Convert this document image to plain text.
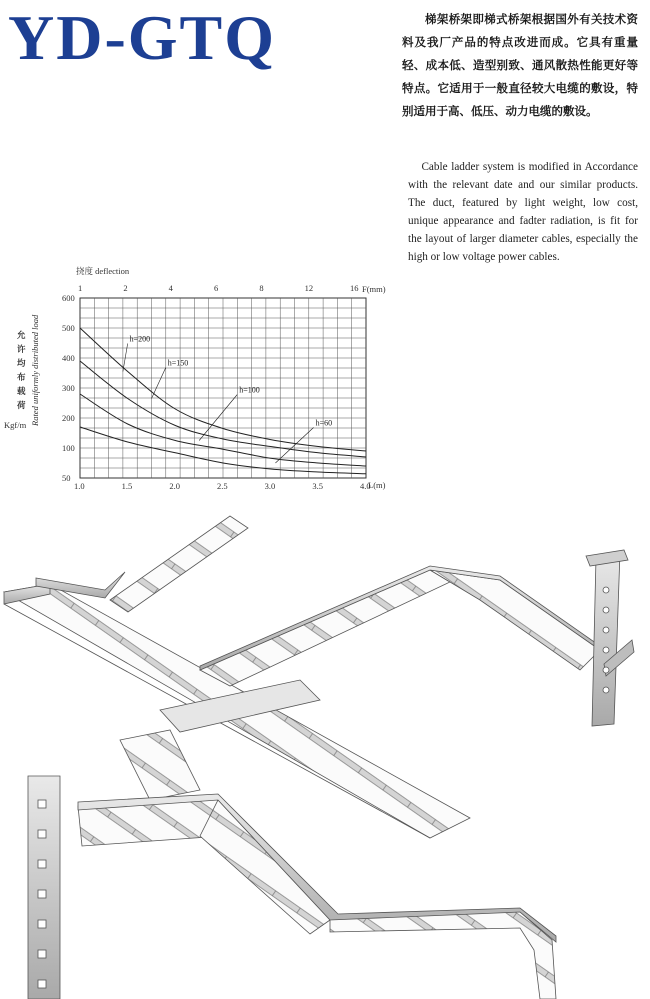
YD-GTQ	梯架桥架即梯式桥架根据国外有关技术资料及我厂产品的特点改进而成。它具有重量轻、成本低、造型别致、通风散热性能更好等特点。它适用于一般直径较大电缆的敷设，特别适用于高、低压、动力电缆的敷设。
Cable ladder system is modified in Accordance with the relevant date and our similar products. The duct, featured by light weight, low cost, unique appearance and fadter radiation, is fit for the layout of larger diameter cables, especially the high or low voltage power cables.
1.0	1.5	2.0	2.5	3.0	3.5	4.0
1	2	4	6	8	12	16
600
500
400
300
200
100
50
h=200
h=150
h=100
h=60
挠度 deflection
F(mm)
L(m)
Kgf/m
允许均布载荷 Rated uniformly distributed load
